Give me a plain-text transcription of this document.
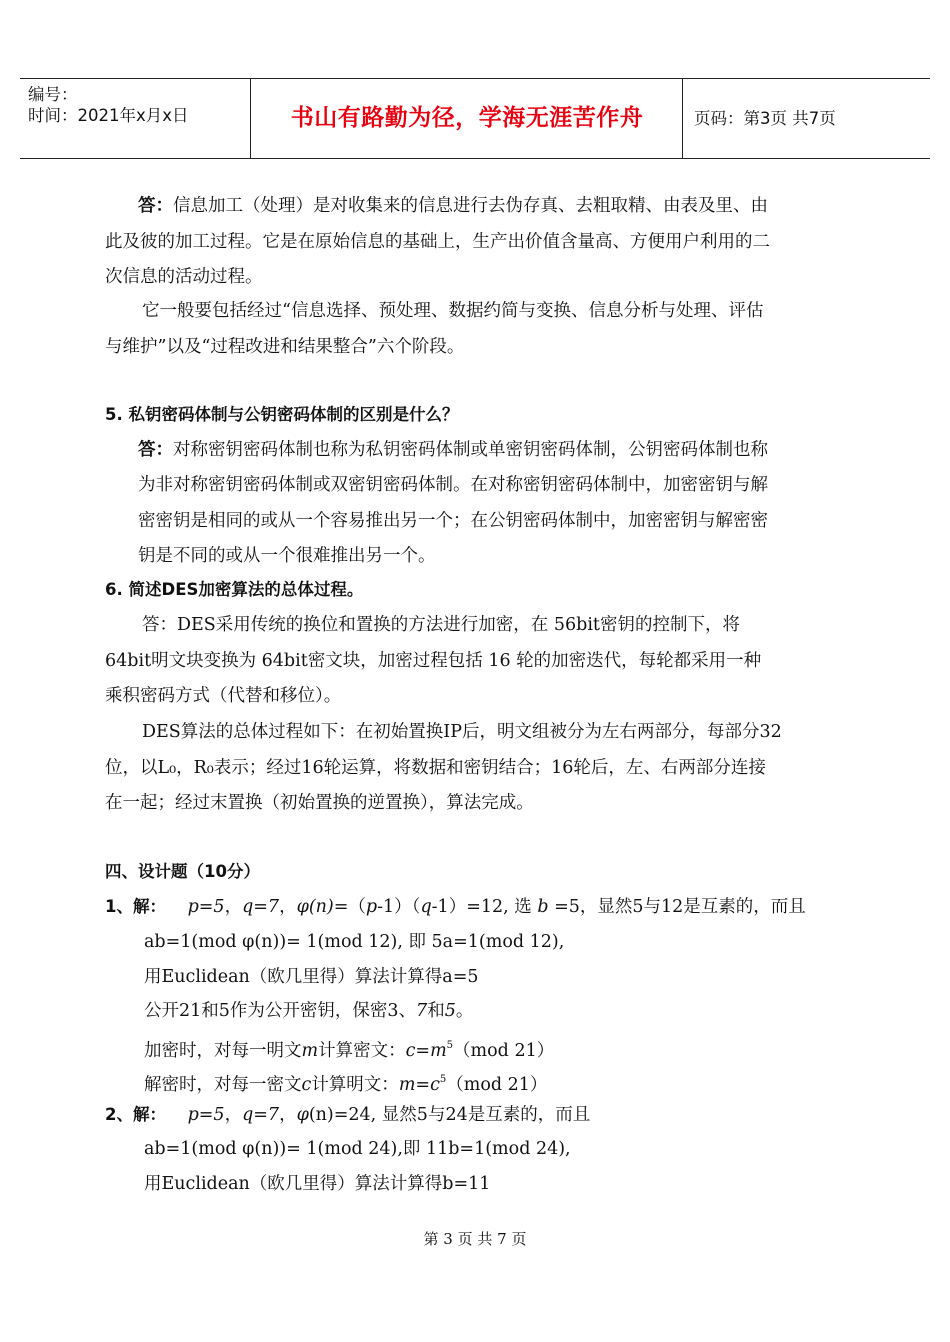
编号：
时间：2021年x月x日	书山有路勤为径，学海无涯苦作舟	页码：第3页 共7页
答：信息加工（处理）是对收集来的信息进行去伪存真、去粗取精、由表及里、由
此及彼的加工过程。它是在原始信息的基础上，生产出价值含量高、方便用户利用的二
次信息的活动过程。
它一般要包括经过“信息选择、预处理、数据约简与变换、信息分析与处理、评估
与维护”以及“过程改进和结果整合”六个阶段。
5. 私钥密码体制与公钥密码体制的区别是什么？
答：对称密钥密码体制也称为私钥密码体制或单密钥密码体制，公钥密码体制也称
为非对称密钥密码体制或双密钥密码体制。在对称密钥密码体制中，加密密钥与解
密密钥是相同的或从一个容易推出另一个；在公钥密码体制中，加密密钥与解密密
钥是不同的或从一个很难推出另一个。
6. 简述DES加密算法的总体过程。
答：DES采用传统的换位和置换的方法进行加密，在 56bit密钥的控制下，将
64bit明文块变换为 64bit密文块，加密过程包括 16 轮的加密迭代，每轮都采用一种
乘积密码方式（代替和移位）。
DES算法的总体过程如下：在初始置换IP后，明文组被分为左右两部分，每部分32
位，以L₀，R₀表示；经过16轮运算，将数据和密钥结合；16轮后，左、右两部分连接
在一起；经过末置换（初始置换的逆置换），算法完成。
四、设计题（10分）
1、解： p=5，q=7，φ(n)=（p-1）（q-1）=12, 选 b =5，显然5与12是互素的，而且
ab=1(mod φ(n))= 1(mod 12), 即 5a=1(mod 12),
用Euclidean（欧几里得）算法计算得a=5
公开21和5作为公开密钥，保密3、7和5。
加密时，对每一明文m计算密文：$c=m^5(mod$ 21）
解密时，对每一密文c计算明文：$m=c^5(mod$ 21）
2、解： p=5，q=7，φ(n)=24, 显然5与24是互素的，而且
ab=1(mod φ(n))= 1(mod 24),即 11b=1(mod 24),
用Euclidean（欧几里得）算法计算得b=11
第 3 页 共 7 页
